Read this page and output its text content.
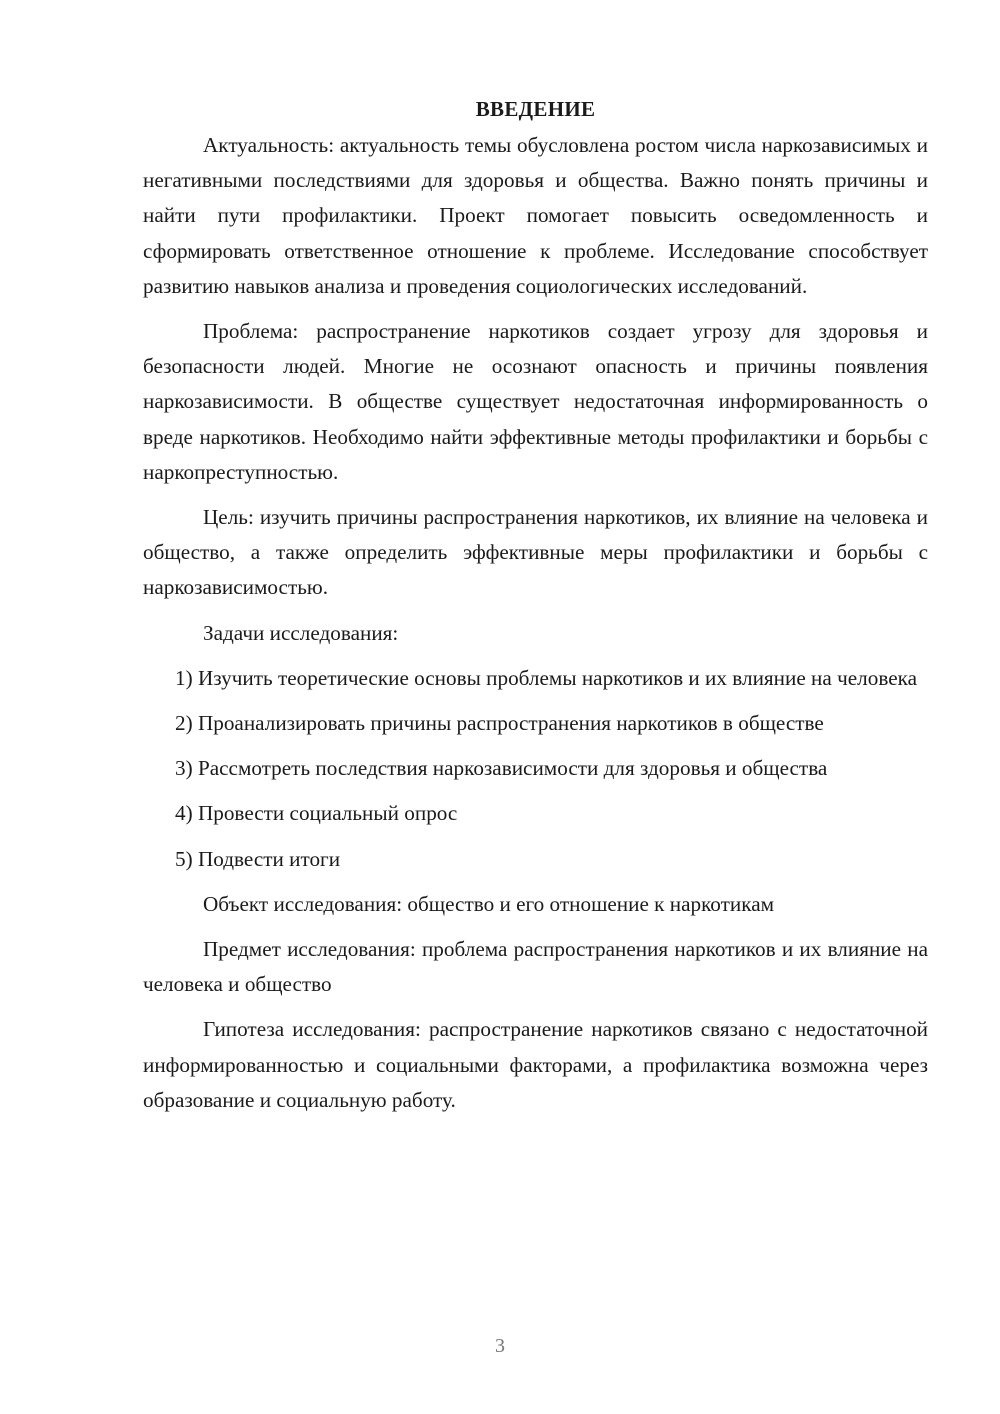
ВВЕДЕНИЕ

Актуальность: актуальность темы обусловлена ростом числа наркозависимых и негативными последствиями для здоровья и общества. Важно понять причины и найти пути профилактики. Проект помогает повысить осведомленность и сформировать ответственное отношение к проблеме. Исследование способствует развитию навыков анализа и проведения социологических исследований.

Проблема: распространение наркотиков создает угрозу для здоровья и безопасности людей. Многие не осознают опасность и причины появления наркозависимости. В обществе существует недостаточная информированность о вреде наркотиков. Необходимо найти эффективные методы профилактики и борьбы с наркопреступностью.

Цель: изучить причины распространения наркотиков, их влияние на человека и общество, а также определить эффективные меры профилактики и борьбы с наркозависимостью.

Задачи исследования:

1) Изучить теоретические основы проблемы наркотиков и их влияние на человека

2) Проанализировать причины распространения наркотиков в обществе

3) Рассмотреть последствия наркозависимости для здоровья и общества

4) Провести социальный опрос

5) Подвести итоги

Объект исследования: общество и его отношение к наркотикам

Предмет исследования: проблема распространения наркотиков и их влияние на человека и общество

Гипотеза исследования: распространение наркотиков связано с недостаточной информированностью и социальными факторами, а профилактика возможна через образование и социальную работу.

3
